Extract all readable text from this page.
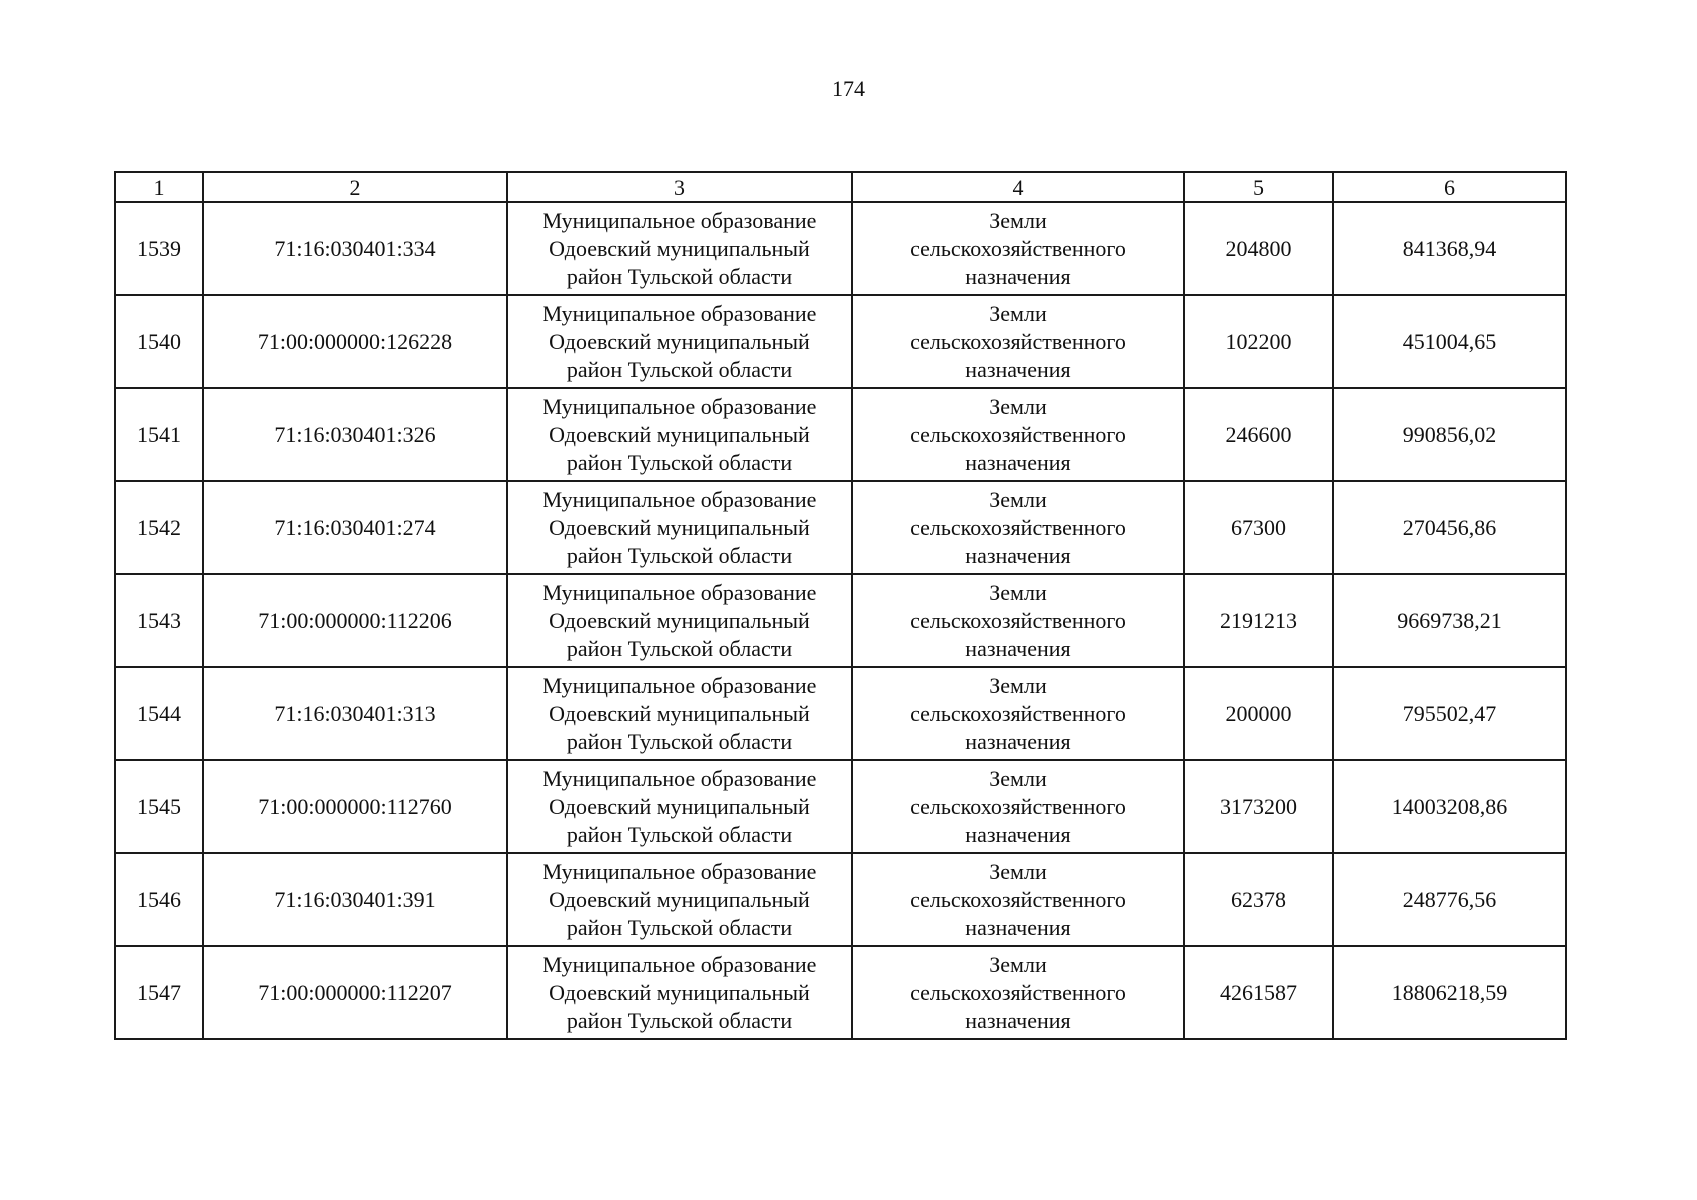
174
1	2	3	4	5	6
1539	71:16:030401:334	Муниципальное образование
Одоевский муниципальный
район Тульской области	Земли
сельскохозяйственного
назначения	204800	841368,94
1540	71:00:000000:126228	Муниципальное образование
Одоевский муниципальный
район Тульской области	Земли
сельскохозяйственного
назначения	102200	451004,65
1541	71:16:030401:326	Муниципальное образование
Одоевский муниципальный
район Тульской области	Земли
сельскохозяйственного
назначения	246600	990856,02
1542	71:16:030401:274	Муниципальное образование
Одоевский муниципальный
район Тульской области	Земли
сельскохозяйственного
назначения	67300	270456,86
1543	71:00:000000:112206	Муниципальное образование
Одоевский муниципальный
район Тульской области	Земли
сельскохозяйственного
назначения	2191213	9669738,21
1544	71:16:030401:313	Муниципальное образование
Одоевский муниципальный
район Тульской области	Земли
сельскохозяйственного
назначения	200000	795502,47
1545	71:00:000000:112760	Муниципальное образование
Одоевский муниципальный
район Тульской области	Земли
сельскохозяйственного
назначения	3173200	14003208,86
1546	71:16:030401:391	Муниципальное образование
Одоевский муниципальный
район Тульской области	Земли
сельскохозяйственного
назначения	62378	248776,56
1547	71:00:000000:112207	Муниципальное образование
Одоевский муниципальный
район Тульской области	Земли
сельскохозяйственного
назначения	4261587	18806218,59
